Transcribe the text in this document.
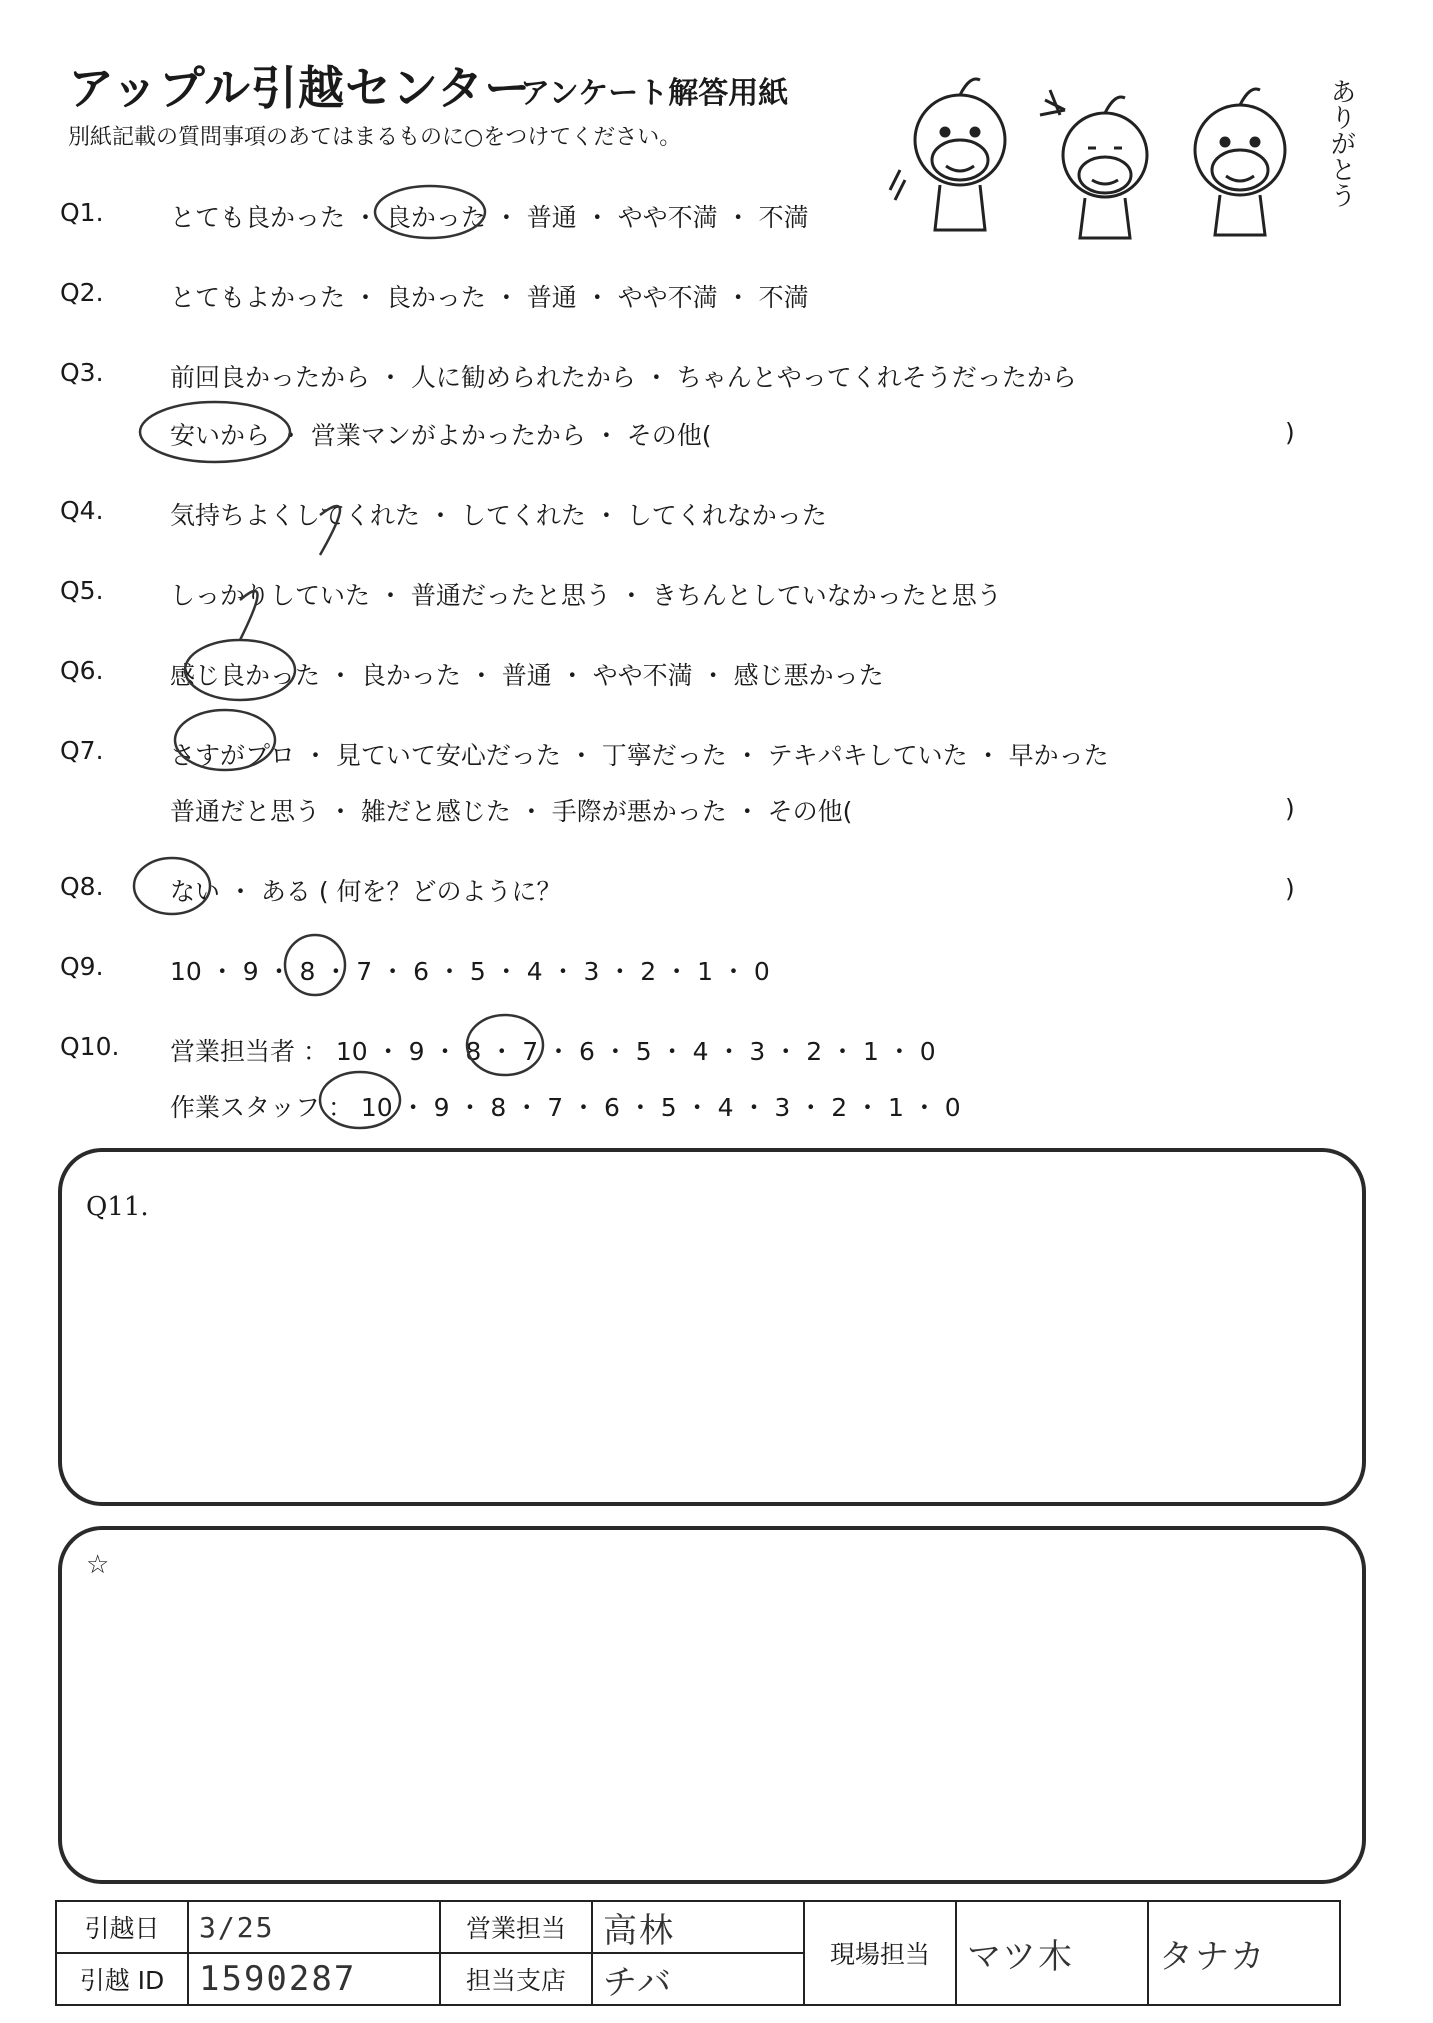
アップル引越センター
アンケート解答用紙
別紙記載の質問事項のあてはまるものに○をつけてください。	ありがとう
Q1.	とても良かった ・ 良かった ・ 普通 ・ やや不満 ・ 不満
Q2.	とてもよかった ・ 良かった ・ 普通 ・ やや不満 ・ 不満
Q3.	前回良かったから ・ 人に勧められたから ・ ちゃんとやってくれそうだったから
安いから ・ 営業マンがよかったから ・ その他(	)
Q4.	気持ちよくしてくれた ・ してくれた ・ してくれなかった
Q5.	しっかりしていた ・ 普通だったと思う ・ きちんとしていなかったと思う
Q6.	感じ良かった ・ 良かった ・ 普通 ・ やや不満 ・ 感じ悪かった
Q7.	さすがプロ ・ 見ていて安心だった ・ 丁寧だった ・ テキパキしていた ・ 早かった
普通だと思う ・ 雑だと感じた ・ 手際が悪かった ・ その他(	)
Q8.	ない ・ ある ( 何を？どのように？	)
Q9.	10 ・ 9 ・ 8 ・ 7 ・ 6 ・ 5 ・ 4 ・ 3 ・ 2 ・ 1 ・ 0
Q10. 営業担当者 ： 10 ・ 9 ・ 8 ・ 7 ・ 6 ・ 5 ・ 4 ・ 3 ・ 2 ・ 1 ・ 0
作業スタッフ ： 10 ・ 9 ・ 8 ・ 7 ・ 6 ・ 5 ・ 4 ・ 3 ・ 2 ・ 1 ・ 0
Q11.
☆
引越日	3/25	営業担当	高林	現場担当	マツ木	タナカ
引越 ID	1590287	担当支店	チバ			
